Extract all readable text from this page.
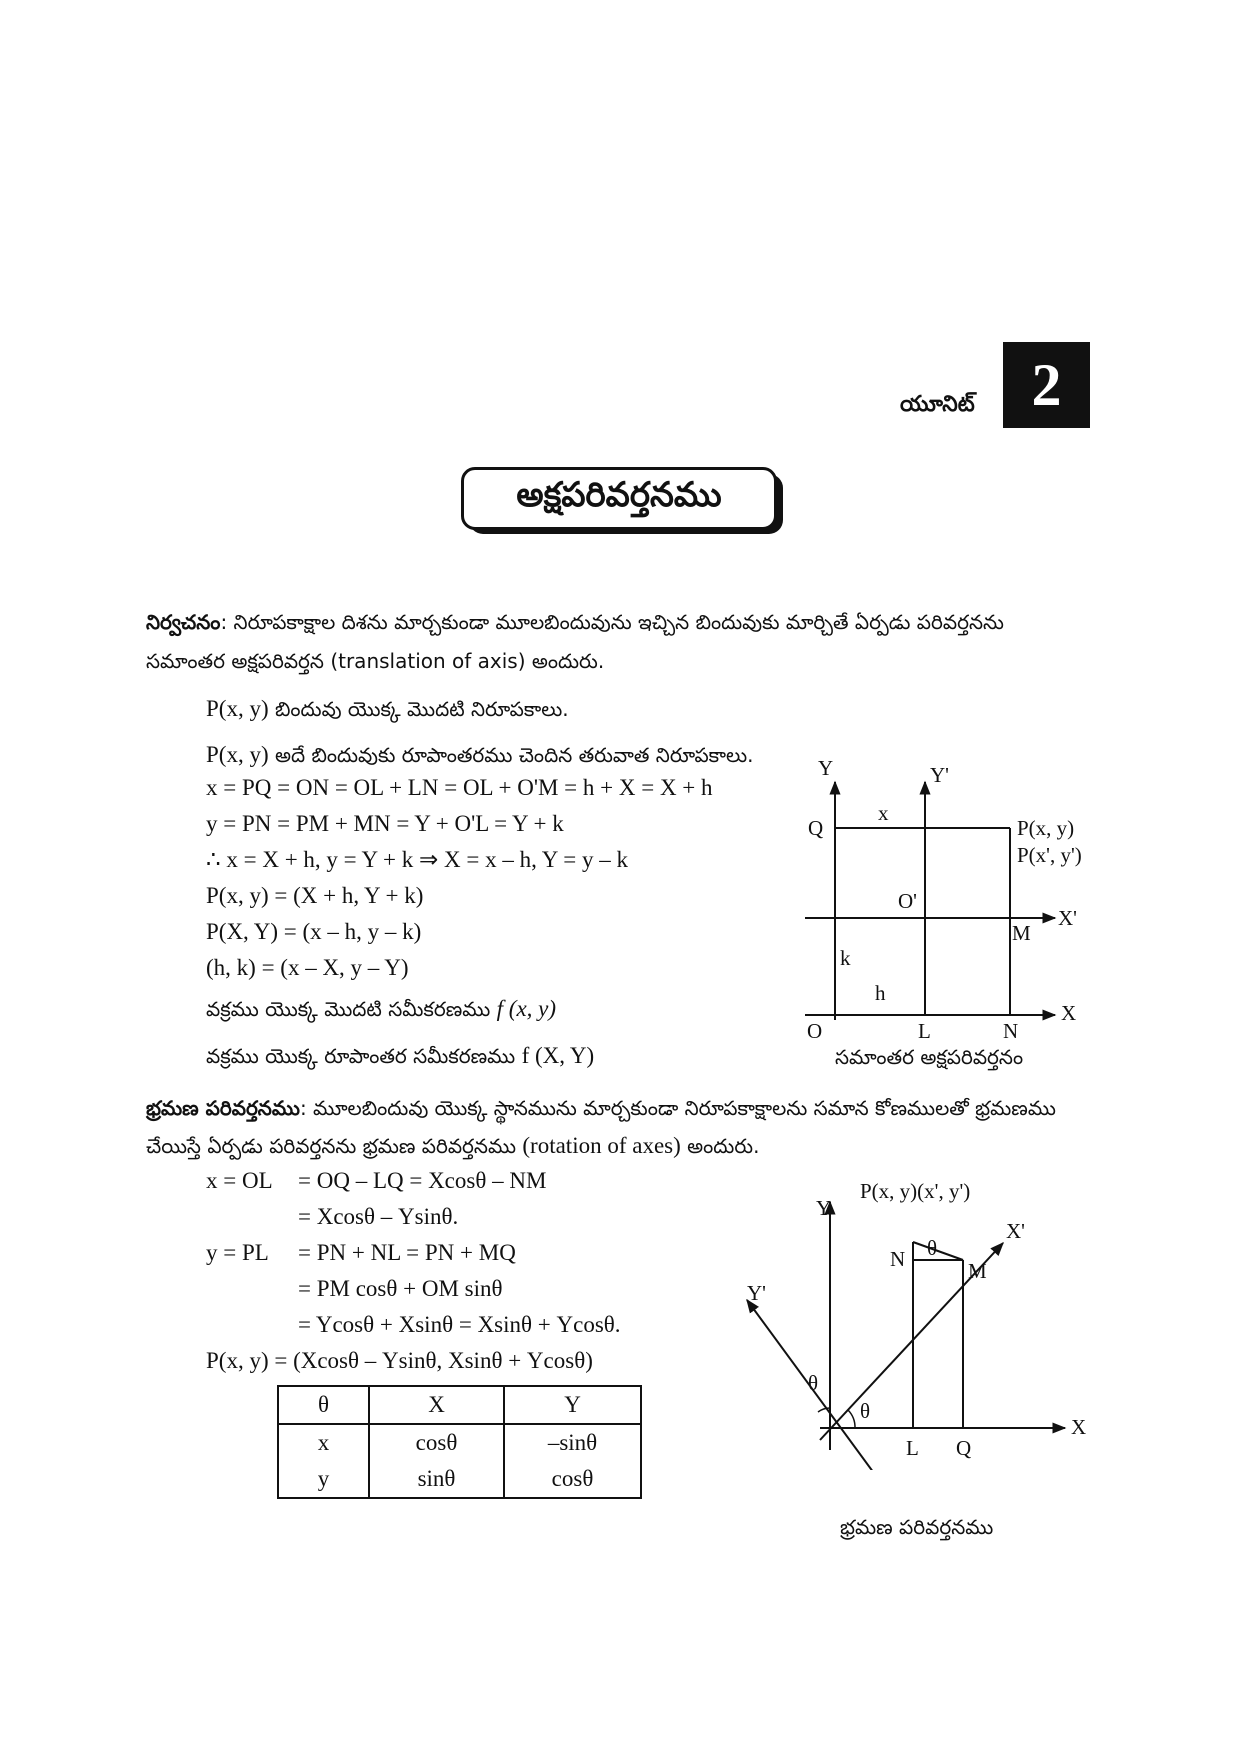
యూనిట్ 2
అక్షపరివర్తనము
నిర్వచనం: నిరూపకాక్షాల దిశను మార్చకుండా మూలబిందువును ఇచ్చిన బిందువుకు మార్చితే ఏర్పడు పరివర్తనను
సమాంతర అక్షపరివర్తన (translation of axis) అందురు.
P(x, y) బిందువు యొక్క మొదటి నిరూపకాలు.
P(x, y) అదే బిందువుకు రూపాంతరము చెందిన తరువాత నిరూపకాలు.
x = PQ = ON = OL + LN = OL + O'M = h + X = X + h
y = PN = PM + MN = Y + O'L = Y + k
∴ x = X + h, y = Y + k ⇒ X = x – h, Y = y – k
P(x, y) = (X + h, Y + k)
P(X, Y) = (x – h, y – k)
(h, k) = (x – X, y – Y)
వక్రము యొక్క మొదటి సమీకరణము f (x, y)
వక్రము యొక్క రూపాంతర సమీకరణము f (X, Y)
Y	Y'
Q
x
P(x, y)
P(x', y')
O'
M
X'
k
h
O	L	N
X
సమాంతర అక్షపరివర్తనం
భ్రమణ పరివర్తనము: మూలబిందువు యొక్క స్థానమును మార్చకుండా నిరూపకాక్షాలను సమాన కోణములతో భ్రమణము
చేయిస్తే ఏర్పడు పరివర్తనను భ్రమణ పరివర్తనము (rotation of axes) అందురు.
x = OL = OQ – LQ = Xcosθ – NM
= Xcosθ – Ysinθ.
y = PL = PN + NL = PN + MQ
= PM cosθ + OM sinθ
= Ycosθ + Xsinθ = Xsinθ + Ycosθ.
P(x, y) = (Xcosθ – Ysinθ, Xsinθ + Ycosθ)
θ	X	Y
x	cosθ	–sinθ
y	sinθ	cosθ
Y
P(x, y)(x', y')
X'
θ
N	M
Y'
θ
θ
L Q
X
భ్రమణ పరివర్తనము
